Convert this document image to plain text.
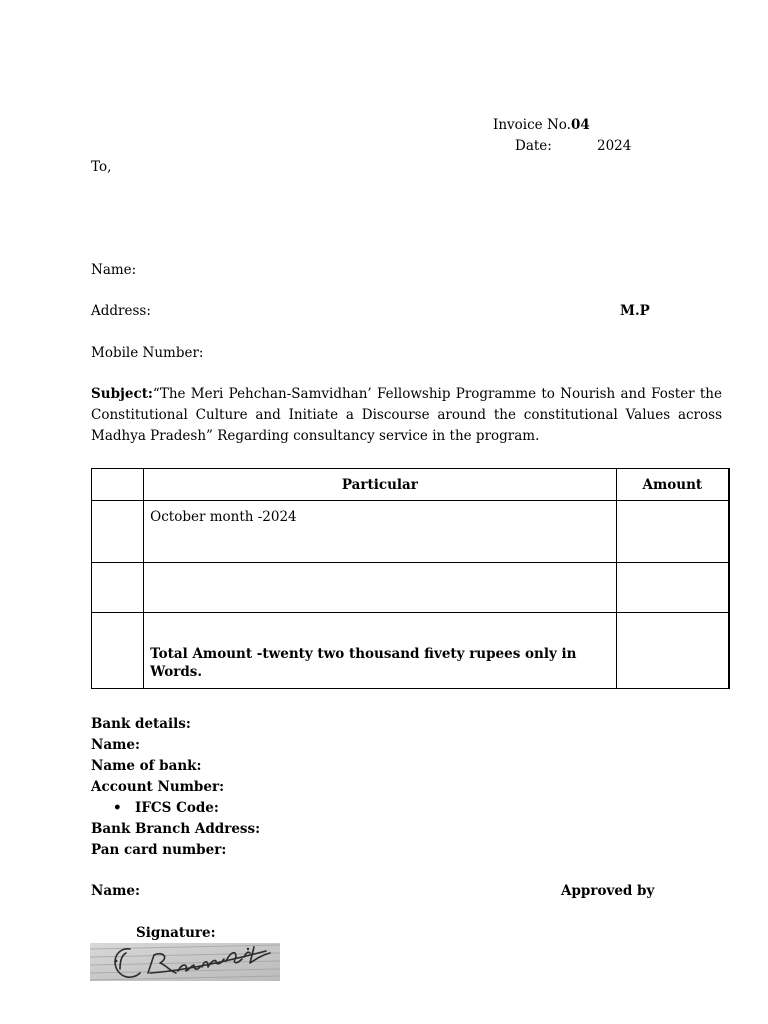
Invoice No.04
Date:	2024
To,
Name:
Address:	M.P
Mobile Number:
Subject:“The Meri Pehchan-Samvidhan’ Fellowship Programme to Nourish and Foster the Constitutional Culture and Initiate a Discourse around the constitutional Values across Madhya Pradesh” Regarding consultancy service in the program.
	Particular	Amount
	October month -2024	

	Total Amount -twenty two thousand fivety rupees only in Words.	
Bank details:
Name:
Name of bank:
Account Number:
• IFCS Code:
Bank Branch Address:
Pan card number:
Name:	Approved by
Signature:
